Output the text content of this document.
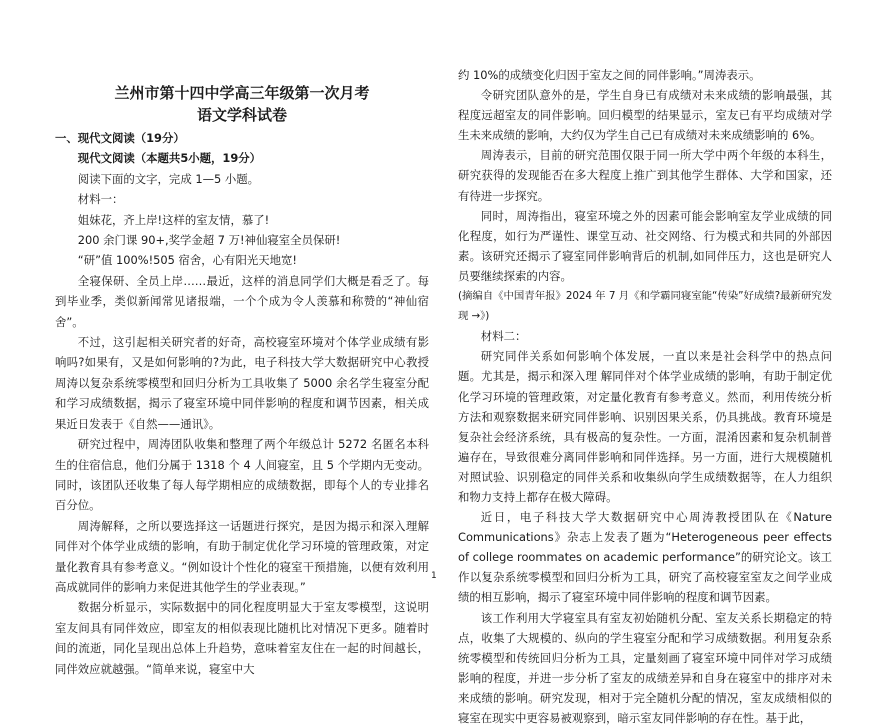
兰州市第十四中学高三年级第一次月考

语文学科试卷

一、现代文阅读（19分）

现代文阅读（本题共5小题，19分）

阅读下面的文字，完成 1—5 小题。

材料一：

姐妹花，齐上岸!这样的室友情，慕了!

200 余门课 90+,奖学金超 7 万!神仙寝室全员保研!

“研”值 100%!505 宿舍，心有阳光天地宽!

全寝保研、全员上岸……最近，这样的消息同学们大概是看乏了。每到毕业季，类似新闻常见诸报端，一个个成为令人羡慕和称赞的“神仙宿舍”。

不过，这引起相关研究者的好奇，高校寝室环境对个体学业成绩有影响吗?如果有，又是如何影响的?为此，电子科技大学大数据研究中心教授周涛以复杂系统零模型和回归分析为工具收集了 5000 余名学生寝室分配和学习成绩数据，揭示了寝室环境中同伴影响的程度和调节因素，相关成果近日发表于《自然——通讯》。

研究过程中，周涛团队收集和整理了两个年级总计 5272 名匿名本科生的住宿信息，他们分属于 1318 个 4 人间寝室，且 5 个学期内无变动。同时，该团队还收集了每人每学期相应的成绩数据，即每个人的专业排名百分位。

周涛解释，之所以要选择这一话题进行探究，是因为揭示和深入理解同伴对个体学业成绩的影响，有助于制定优化学习环境的管理政策，对定量化教育具有参考意义。“例如设计个性化的寝室干预措施，以便有效利用高成就同伴的影响力来促进其他学生的学业表现。”

数据分析显示，实际数据中的同化程度明显大于室友零模型，这说明室友间具有同伴效应，即室友的相似表现比随机比对情况下更多。随着时间的流逝，同化呈现出总体上升趋势，意味着室友住在一起的时间越长，同伴效应就越强。“简单来说，寝室中大

约 10%的成绩变化归因于室友之间的同伴影响。”周涛表示。

令研究团队意外的是，学生自身已有成绩对未来成绩的影响最强，其程度远超室友的同伴影响。回归模型的结果显示，室友已有平均成绩对学生未来成绩的影响，大约仅为学生自己已有成绩对未来成绩影响的 6%。

周涛表示，目前的研究范围仅限于同一所大学中两个年级的本科生，研究获得的发现能否在多大程度上推广到其他学生群体、大学和国家，还有待进一步探究。

同时，周涛指出，寝室环境之外的因素可能会影响室友学业成绩的同化程度，如行为严谨性、课堂互动、社交网络、行为模式和共同的外部因素。该研究还揭示了寝室同伴影响背后的机制,如同伴压力，这也是研究人员要继续探索的内容。

(摘编自《中国青年报》2024 年 7 月《和学霸同寝室能“传染”好成绩?最新研究发现 →》)

材料二：

研究同伴关系如何影响个体发展，一直以来是社会科学中的热点问题。尤其是，揭示和深入理 解同伴对个体学业成绩的影响，有助于制定优化学习环境的管理政策，对定量化教育有参考意义。然而，利用传统分析方法和观察数据来研究同伴影响、识别因果关系，仍具挑战。教育环境是复杂社会经济系统，具有极高的复杂性。一方面，混淆因素和复杂机制普遍存在，导致很难分离同伴影响和同伴选择。另一方面，进行大规模随机对照试验、识别稳定的同伴关系和收集纵向学生成绩数据等，在人力组织和物力支持上都存在极大障碍。

近日，电子科技大学大数据研究中心周涛教授团队在《Nature Communications》杂志上发表了题为“Heterogeneous peer effects of college roommates on academic performance”的研究论文。该工作以复杂系统零模型和回归分析为工具，研究了高校寝室室友之间学业成绩的相互影响，揭示了寝室环境中同伴影响的程度和调节因素。

该工作利用大学寝室具有室友初始随机分配、室友关系长期稳定的特点，收集了大规模的、纵向的学生寝室分配和学习成绩数据。利用复杂系统零模型和传统回归分析为工具，定量刻画了寝室环境中同伴对学习成绩影响的程度，并进一步分析了室友的成绩差异和自身在寝室中的排序对未来成绩的影响。研究发现，相对于完全随机分配的情况，室友成绩相似的寝室在现实中更容易被观察到，暗示室友同伴影响的存在性。基于此，

1
